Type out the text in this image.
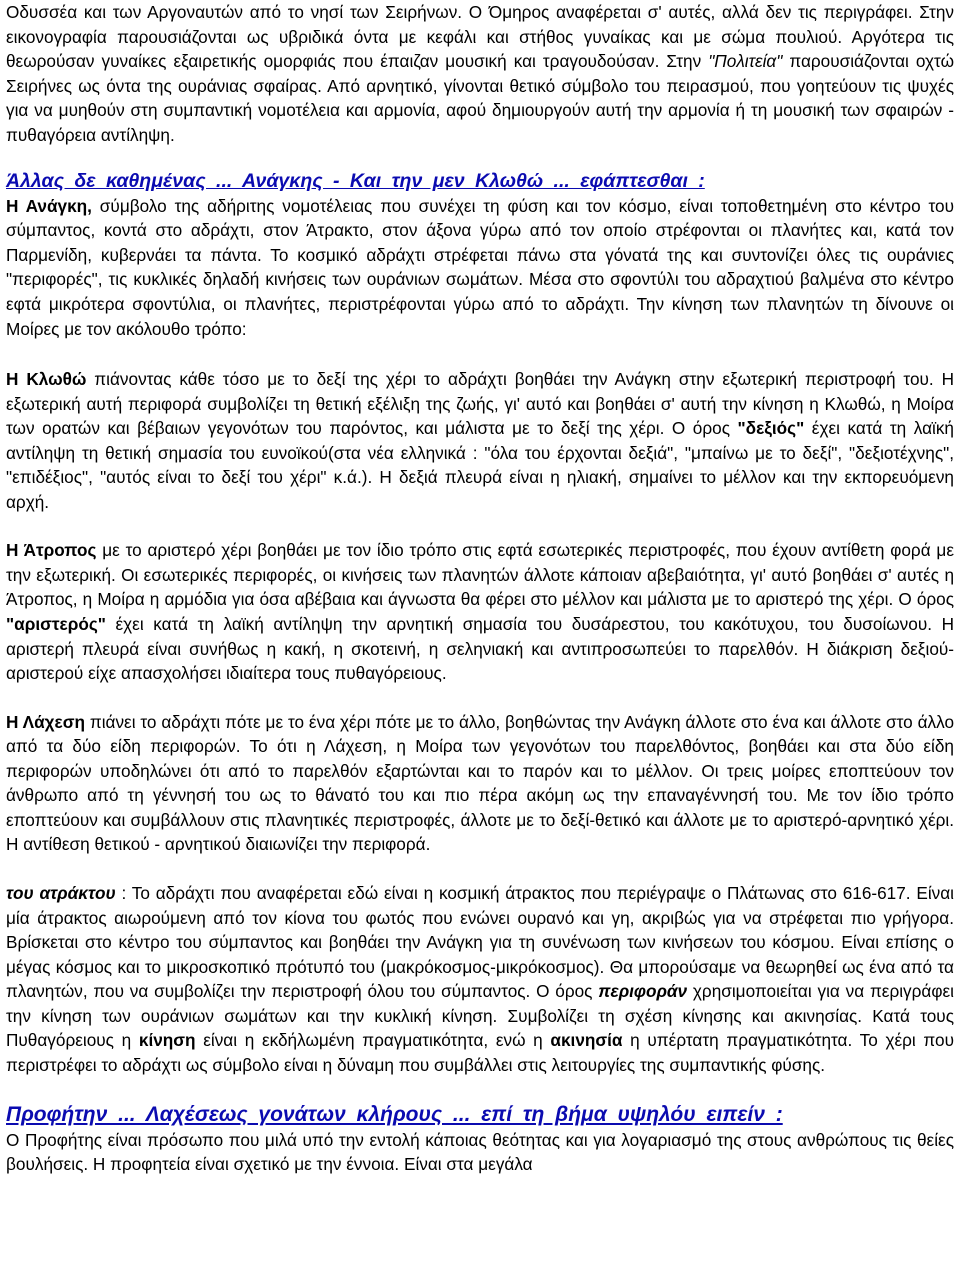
Οδυσσέα και των Αργοναυτών από το νησί των Σειρήνων. Ο Όμηρος αναφέρεται σ' αυτές, αλλά δεν τις περιγράφει. Στην εικονογραφία παρουσιάζονται ως υβριδικά όντα με κεφάλι και στήθος γυναίκας και με σώμα πουλιού. Αργότερα τις θεωρούσαν γυναίκες εξαιρετικής ομορφιάς που έπαιζαν μουσική και τραγουδούσαν. Στην "Πολιτεία" παρουσιάζονται οχτώ Σειρήνες ως όντα της ουράνιας σφαίρας. Από αρνητικό, γίνονται θετικό σύμβολο του πειρασμού, που γοητεύουν τις ψυχές για να μυηθούν στη συμπαντική νομοτέλεια και αρμονία, αφού δημιουργούν αυτή την αρμονία ή τη μουσική των σφαιρών - πυθαγόρεια αντίληψη.

Άλλας δε καθημένας ... Ανάγκης - Και την μεν Κλωθώ ... εφάπτεσθαι :

Η Ανάγκη, σύμβολο της αδήριτης νομοτέλειας που συνέχει τη φύση και τον κόσμο, είναι τοποθετημένη στο κέντρο του σύμπαντος, κοντά στο αδράχτι, στον Άτρακτο, στον άξονα γύρω από τον οποίο στρέφονται οι πλανήτες και, κατά τον Παρμενίδη, κυβερνάει τα πάντα. Το κοσμικό αδράχτι στρέφεται πάνω στα γόνατά της και συντονίζει όλες τις ουράνιες "περιφορές", τις κυκλικές δηλαδή κινήσεις των ουράνιων σωμάτων. Μέσα στο σφοντύλι του αδραχτιού βαλμένα στο κέντρο εφτά μικρότερα σφοντύλια, οι πλανήτες, περιστρέφονται γύρω από το αδράχτι. Την κίνηση των πλανητών τη δίνουνε οι Μοίρες με τον ακόλουθο τρόπο:

Η Κλωθώ πιάνοντας κάθε τόσο με το δεξί της χέρι το αδράχτι βοηθάει την Ανάγκη στην εξωτερική περιστροφή του. Η εξωτερική αυτή περιφορά συμβολίζει τη θετική εξέλιξη της ζωής, γι' αυτό και βοηθάει σ' αυτή την κίνηση η Κλωθώ, η Μοίρα των ορατών και βέβαιων γεγονότων του παρόντος, και μάλιστα με το δεξί της χέρι. Ο όρος "δεξιός" έχει κατά τη λαϊκή αντίληψη τη θετική σημασία του ευνοϊκού(στα νέα ελληνικά : "όλα του έρχονται δεξιά", "μπαίνω με το δεξί", "δεξιοτέχνης", "επιδέξιος", "αυτός είναι το δεξί του χέρι" κ.ά.). Η δεξιά πλευρά είναι η ηλιακή, σημαίνει το μέλλον και την εκπορευόμενη αρχή.

Η Άτροπος με το αριστερό χέρι βοηθάει με τον ίδιο τρόπο στις εφτά εσωτερικές περιστροφές, που έχουν αντίθετη φορά με την εξωτερική. Οι εσωτερικές περιφορές, οι κινήσεις των πλανητών άλλοτε κάποιαν αβεβαιότητα, γι' αυτό βοηθάει σ' αυτές η Άτροπος, η Μοίρα η αρμόδια για όσα αβέβαια και άγνωστα θα φέρει στο μέλλον και μάλιστα με το αριστερό της χέρι. Ο όρος "αριστερός" έχει κατά τη λαϊκή αντίληψη την αρνητική σημασία του δυσάρεστου, του κακότυχου, του δυσοίωνου. Η αριστερή πλευρά είναι συνήθως η κακή, η σκοτεινή, η σεληνιακή και αντιπροσωπεύει το παρελθόν. Η διάκριση δεξιού-αριστερού είχε απασχολήσει ιδιαίτερα τους πυθαγόρειους.

Η Λάχεση πιάνει το αδράχτι πότε με το ένα χέρι πότε με το άλλο, βοηθώντας την Ανάγκη άλλοτε στο ένα και άλλοτε στο άλλο από τα δύο είδη περιφορών. Το ότι η Λάχεση, η Μοίρα των γεγονότων του παρελθόντος, βοηθάει και στα δύο είδη περιφορών υποδηλώνει ότι από το παρελθόν εξαρτώνται και το παρόν και το μέλλον. Οι τρεις μοίρες εποπτεύουν τον άνθρωπο από τη γέννησή του ως το θάνατό του και πιο πέρα ακόμη ως την επαναγέννησή του. Με τον ίδιο τρόπο εποπτεύουν και συμβάλλουν στις πλανητικές περιστροφές, άλλοτε με το δεξί-θετικό και άλλοτε με το αριστερό-αρνητικό χέρι. Η αντίθεση θετικού - αρνητικού διαιωνίζει την περιφορά.

του ατράκτου : Το αδράχτι που αναφέρεται εδώ είναι η κοσμική άτρακτος που περιέγραψε ο Πλάτωνας στο 616-617. Είναι μία άτρακτος αιωρούμενη από τον κίονα του φωτός που ενώνει ουρανό και γη, ακριβώς για να στρέφεται πιο γρήγορα. Βρίσκεται στο κέντρο του σύμπαντος και βοηθάει την Ανάγκη για τη συνένωση των κινήσεων του κόσμου. Είναι επίσης ο μέγας κόσμος και το μικροσκοπικό πρότυπό του (μακρόκοσμος-μικρόκοσμος). Θα μπορούσαμε να θεωρηθεί ως ένα από τα πλανητών, που να συμβολίζει την περιστροφή όλου του σύμπαντος. Ο όρος περιφοράν χρησιμοποιείται για να περιγράφει την κίνηση των ουράνιων σωμάτων και την κυκλική κίνηση. Συμβολίζει τη σχέση κίνησης και ακινησίας. Κατά τους Πυθαγόρειους η κίνηση είναι η εκδήλωμένη πραγματικότητα, ενώ η ακινησία η υπέρτατη πραγματικότητα. Το χέρι που περιστρέφει το αδράχτι ως σύμβολο είναι η δύναμη που συμβάλλει στις λειτουργίες της συμπαντικής φύσης.

Προφήτην ... Λαχέσεως γονάτων κλήρους ... επί τη βήμα υψηλόυ ειπείν :

Ο Προφήτης είναι πρόσωπο που μιλά υπό την εντολή κάποιας θεότητας και για λογαριασμό της στους ανθρώπους τις θείες βουλήσεις. Η προφητεία είναι σχετικό με την έννοια. Είναι στα μεγάλα
